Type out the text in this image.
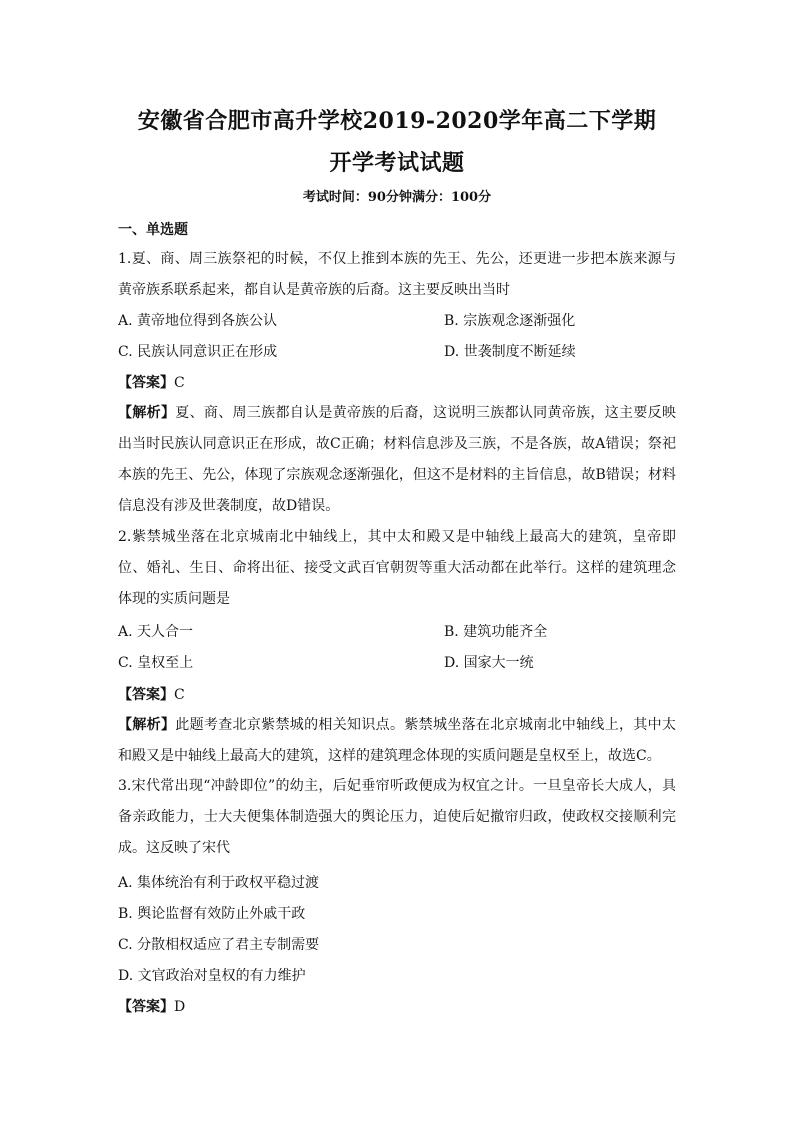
安徽省合肥市高升学校2019-2020学年高二下学期
开学考试试题
考试时间：90分钟满分：100分
一、单选题
1.夏、商、周三族祭祀的时候，不仅上推到本族的先王、先公，还更进一步把本族来源与黄帝族系联系起来，都自认是黄帝族的后裔。这主要反映出当时
A. 黄帝地位得到各族公认	B. 宗族观念逐渐强化
C. 民族认同意识正在形成	D. 世袭制度不断延续
【答案】C
【解析】夏、商、周三族都自认是黄帝族的后裔，这说明三族都认同黄帝族，这主要反映出当时民族认同意识正在形成，故C正确；材料信息涉及三族，不是各族，故A错误；祭祀本族的先王、先公，体现了宗族观念逐渐强化，但这不是材料的主旨信息，故B错误；材料信息没有涉及世袭制度，故D错误。
2.紫禁城坐落在北京城南北中轴线上，其中太和殿又是中轴线上最高大的建筑，皇帝即位、婚礼、生日、命将出征、接受文武百官朝贺等重大活动都在此举行。这样的建筑理念体现的实质问题是
A. 天人合一	B. 建筑功能齐全
C. 皇权至上	D. 国家大一统
【答案】C
【解析】此题考查北京紫禁城的相关知识点。紫禁城坐落在北京城南北中轴线上，其中太和殿又是中轴线上最高大的建筑，这样的建筑理念体现的实质问题是皇权至上，故选C。
3.宋代常出现“冲龄即位”的幼主，后妃垂帘听政便成为权宜之计。一旦皇帝长大成人，具备亲政能力，士大夫便集体制造强大的舆论压力，迫使后妃撤帘归政，使政权交接顺利完成。这反映了宋代
A. 集体统治有利于政权平稳过渡
B. 舆论监督有效防止外戚干政
C. 分散相权适应了君主专制需要
D. 文官政治对皇权的有力维护
【答案】D
